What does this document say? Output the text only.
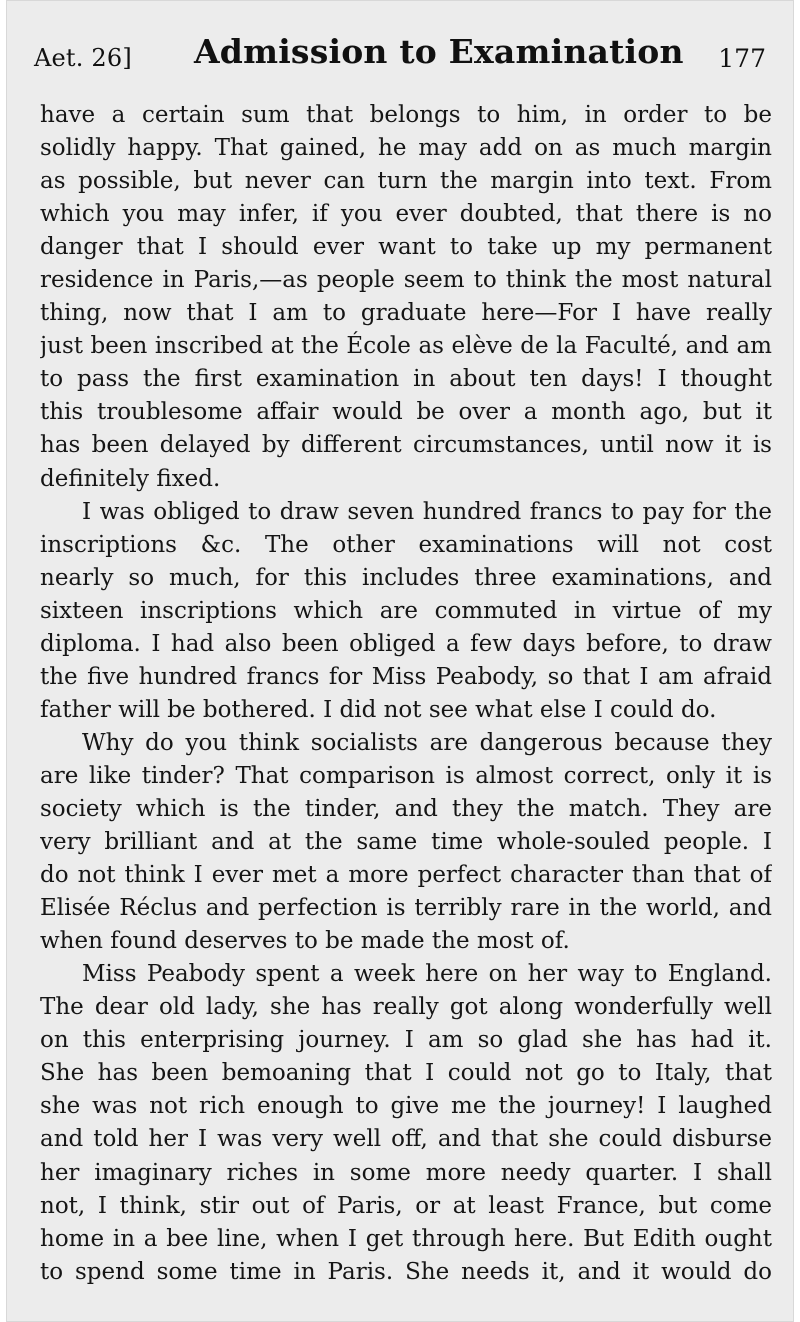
Aet. 26] Admission to Examination 177
have a certain sum that belongs to him, in order to be
solidly happy. That gained, he may add on as much margin
as possible, but never can turn the margin into text. From
which you may infer, if you ever doubted, that there is no
danger that I should ever want to take up my permanent
residence in Paris,—as people seem to think the most natural
thing, now that I am to graduate here—For I have really
just been inscribed at the École as elève de la Faculté, and am
to pass the first examination in about ten days! I thought
this troublesome affair would be over a month ago, but it
has been delayed by different circumstances, until now it is
definitely fixed.
I was obliged to draw seven hundred francs to pay for the
inscriptions &c. The other examinations will not cost
nearly so much, for this includes three examinations, and
sixteen inscriptions which are commuted in virtue of my
diploma. I had also been obliged a few days before, to draw
the five hundred francs for Miss Peabody, so that I am afraid
father will be bothered. I did not see what else I could do.
Why do you think socialists are dangerous because they
are like tinder? That comparison is almost correct, only it is
society which is the tinder, and they the match. They are
very brilliant and at the same time whole-souled people. I
do not think I ever met a more perfect character than that of
Elisée Réclus and perfection is terribly rare in the world, and
when found deserves to be made the most of.
Miss Peabody spent a week here on her way to England.
The dear old lady, she has really got along wonderfully well
on this enterprising journey. I am so glad she has had it.
She has been bemoaning that I could not go to Italy, that
she was not rich enough to give me the journey! I laughed
and told her I was very well off, and that she could disburse
her imaginary riches in some more needy quarter. I shall
not, I think, stir out of Paris, or at least France, but come
home in a bee line, when I get through here. But Edith ought
to spend some time in Paris. She needs it, and it would do
